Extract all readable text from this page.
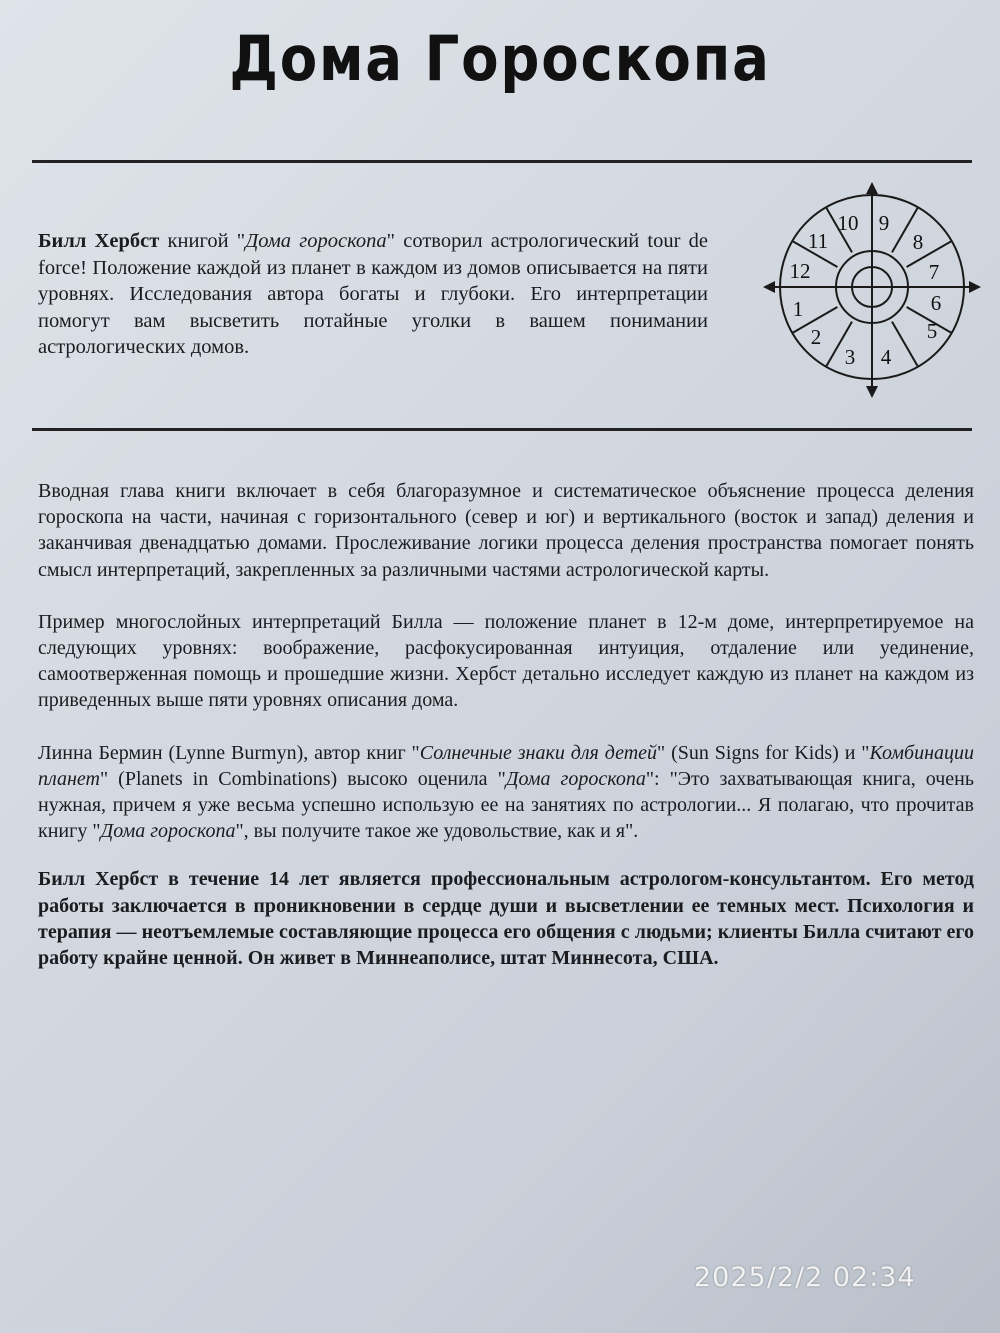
Дома Гороскопа
Билл Хербст книгой "Дома гороскопа" сотворил астрологический tour de force! Положение каждой из планет в каждом из домов описывается на пяти уровнях. Исследования автора богаты и глубоки. Его интерпретации помогут вам высветить потайные уголки в вашем понимании астрологических домов.
1
2
3 4
5
6
7
8
9
10
11
12

Вводная глава книги включает в себя благоразумное и систематическое объяснение процесса деления гороскопа на части, начиная с горизонтального (север и юг) и вертикального (восток и запад) деления и заканчивая двенадцатью домами. Прослеживание логики процесса деления пространства помогает понять смысл интерпретаций, закрепленных за различными частями астрологической карты.

Пример многослойных интерпретаций Билла — положение планет в 12-м доме, интерпретируемое на следующих уровнях: воображение, расфокусированная интуиция, отдаление или уединение, самоотверженная помощь и прошедшие жизни. Хербст детально исследует каждую из планет на каждом из приведенных выше пяти уровнях описания дома.

Линна Бермин (Lynne Burmyn), автор книг "Солнечные знаки для детей" (Sun Signs for Kids) и "Комбинации планет" (Planets in Combinations) высоко оценила "Дома гороскопа": "Это захватывающая книга, очень нужная, причем я уже весьма успешно использую ее на занятиях по астрологии... Я полагаю, что прочитав книгу "Дома гороскопа", вы получите такое же удовольствие, как и я".

Билл Хербст в течение 14 лет является профессиональным астрологом-консультантом. Его метод работы заключается в проникновении в сердце души и высветлении ее темных мест. Психология и терапия — неотъемлемые составляющие процесса его общения с людьми; клиенты Билла считают его работу крайне ценной. Он живет в Миннеаполисе, штат Миннесота, США.

2025/2/2 02:34
